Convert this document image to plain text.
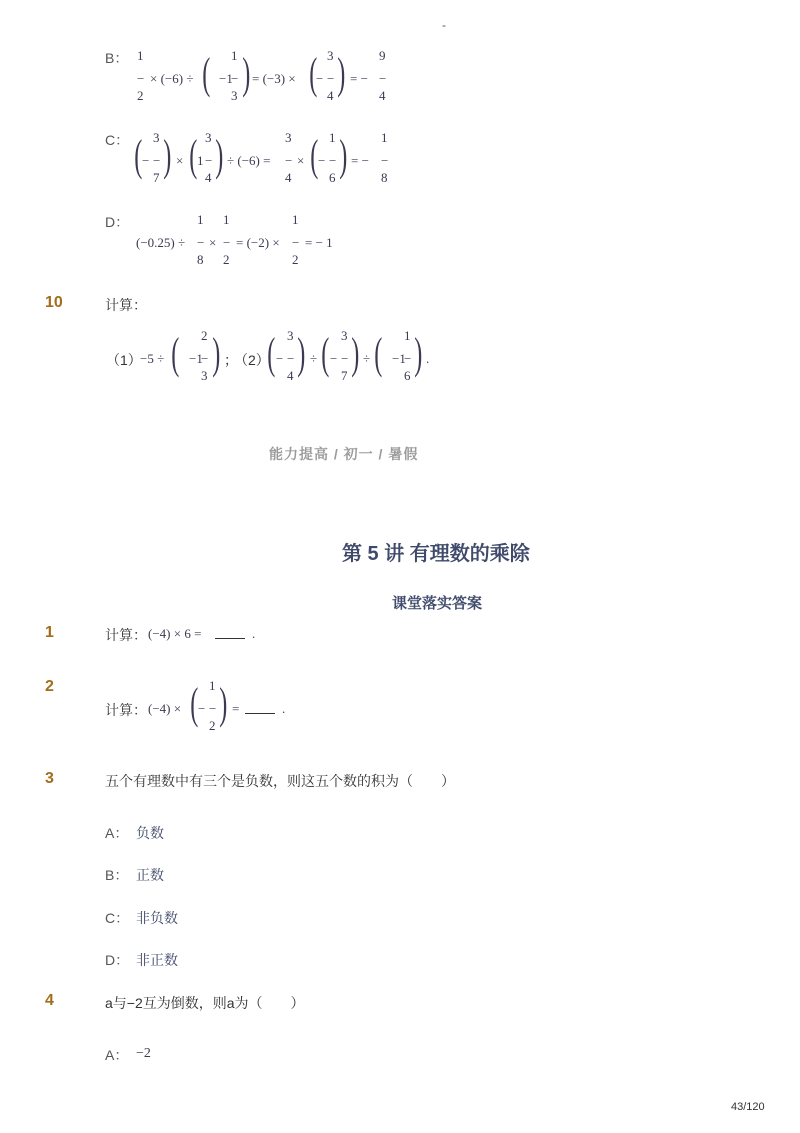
-
B： 1
−
2
× (−6) ÷ ( 1
−1
−
3 ) = (−3) × ( 3
− −
4 ) = −
9
−
4
C： ( 3
− −
7 ) × ( 3
1 −
4 ) ÷ (−6) =
3
−
4
× ( 1
− −
6 ) = −
1
−
8
D：
(−0.25) ÷
1
−
8
×
1
−
2
= (−2) ×
1
−
2
= − 1
10	计算：
（1）
−5 ÷ ( 2
−1
−
3 ) ；
（2）
( 3
− −
4 ) ÷ ( 3
− −
7 ) ÷ ( 1
−1
−
6 ) .
能力提高 / 初一 / 暑假
第 5 讲 有理数的乘除
课堂落实答案
1	计算： (−4) × 6 =	.
2
计算： (−4) × ( 1
− −
2 ) =	.
3	五个有理数中有三个是负数，则这五个数的积为（　　）
A： 负数
B： 正数
C： 非负数
D： 非正数
4	a与−2互为倒数，则a为（　　）
A： −2
43/120
